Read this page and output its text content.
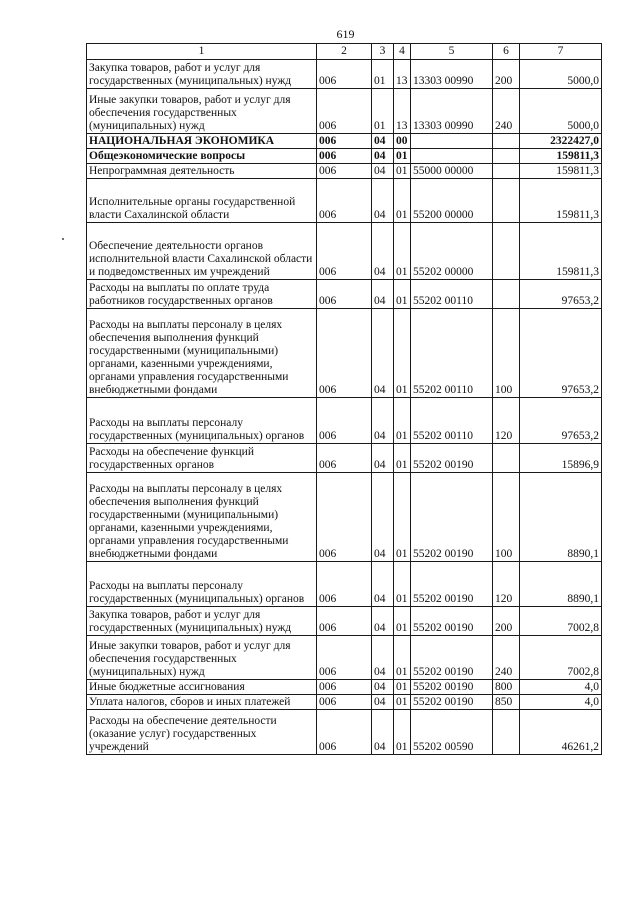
619
1	2	3	4	5	6	7
Закупка товаров, работ и услуг для государственных (муниципальных) нужд	006	01	13	13303 00990	200	5000,0
Иные закупки товаров, работ и услуг для обеспечения государственных (муниципальных) нужд	006	01	13	13303 00990	240	5000,0
НАЦИОНАЛЬНАЯ ЭКОНОМИКА	006	04	00			2322427,0
Общеэкономические вопросы	006	04	01			159811,3
Непрограммная деятельность	006	04	01	55000 00000		159811,3
Исполнительные органы государственной власти Сахалинской области	006	04	01	55200 00000		159811,3
Обеспечение деятельности органов исполнительной власти Сахалинской области и подведомственных им учреждений	006	04	01	55202 00000		159811,3
Расходы на выплаты по оплате труда работников государственных органов	006	04	01	55202 00110		97653,2
Расходы на выплаты персоналу в целях обеспечения выполнения функций государственными (муниципальными) органами, казенными учреждениями, органами управления государственными внебюджетными фондами	006	04	01	55202 00110	100	97653,2
Расходы на выплаты персоналу государственных (муниципальных) органов	006	04	01	55202 00110	120	97653,2
Расходы на обеспечение функций государственных органов	006	04	01	55202 00190		15896,9
Расходы на выплаты персоналу в целях обеспечения выполнения функций государственными (муниципальными) органами, казенными учреждениями, органами управления государственными внебюджетными фондами	006	04	01	55202 00190	100	8890,1
Расходы на выплаты персоналу государственных (муниципальных) органов	006	04	01	55202 00190	120	8890,1
Закупка товаров, работ и услуг для государственных (муниципальных) нужд	006	04	01	55202 00190	200	7002,8
Иные закупки товаров, работ и услуг для обеспечения государственных (муниципальных) нужд	006	04	01	55202 00190	240	7002,8
Иные бюджетные ассигнования	006	04	01	55202 00190	800	4,0
Уплата налогов, сборов и иных платежей	006	04	01	55202 00190	850	4,0
Расходы на обеспечение деятельности (оказание услуг) государственных учреждений	006	04	01	55202 00590		46261,2
